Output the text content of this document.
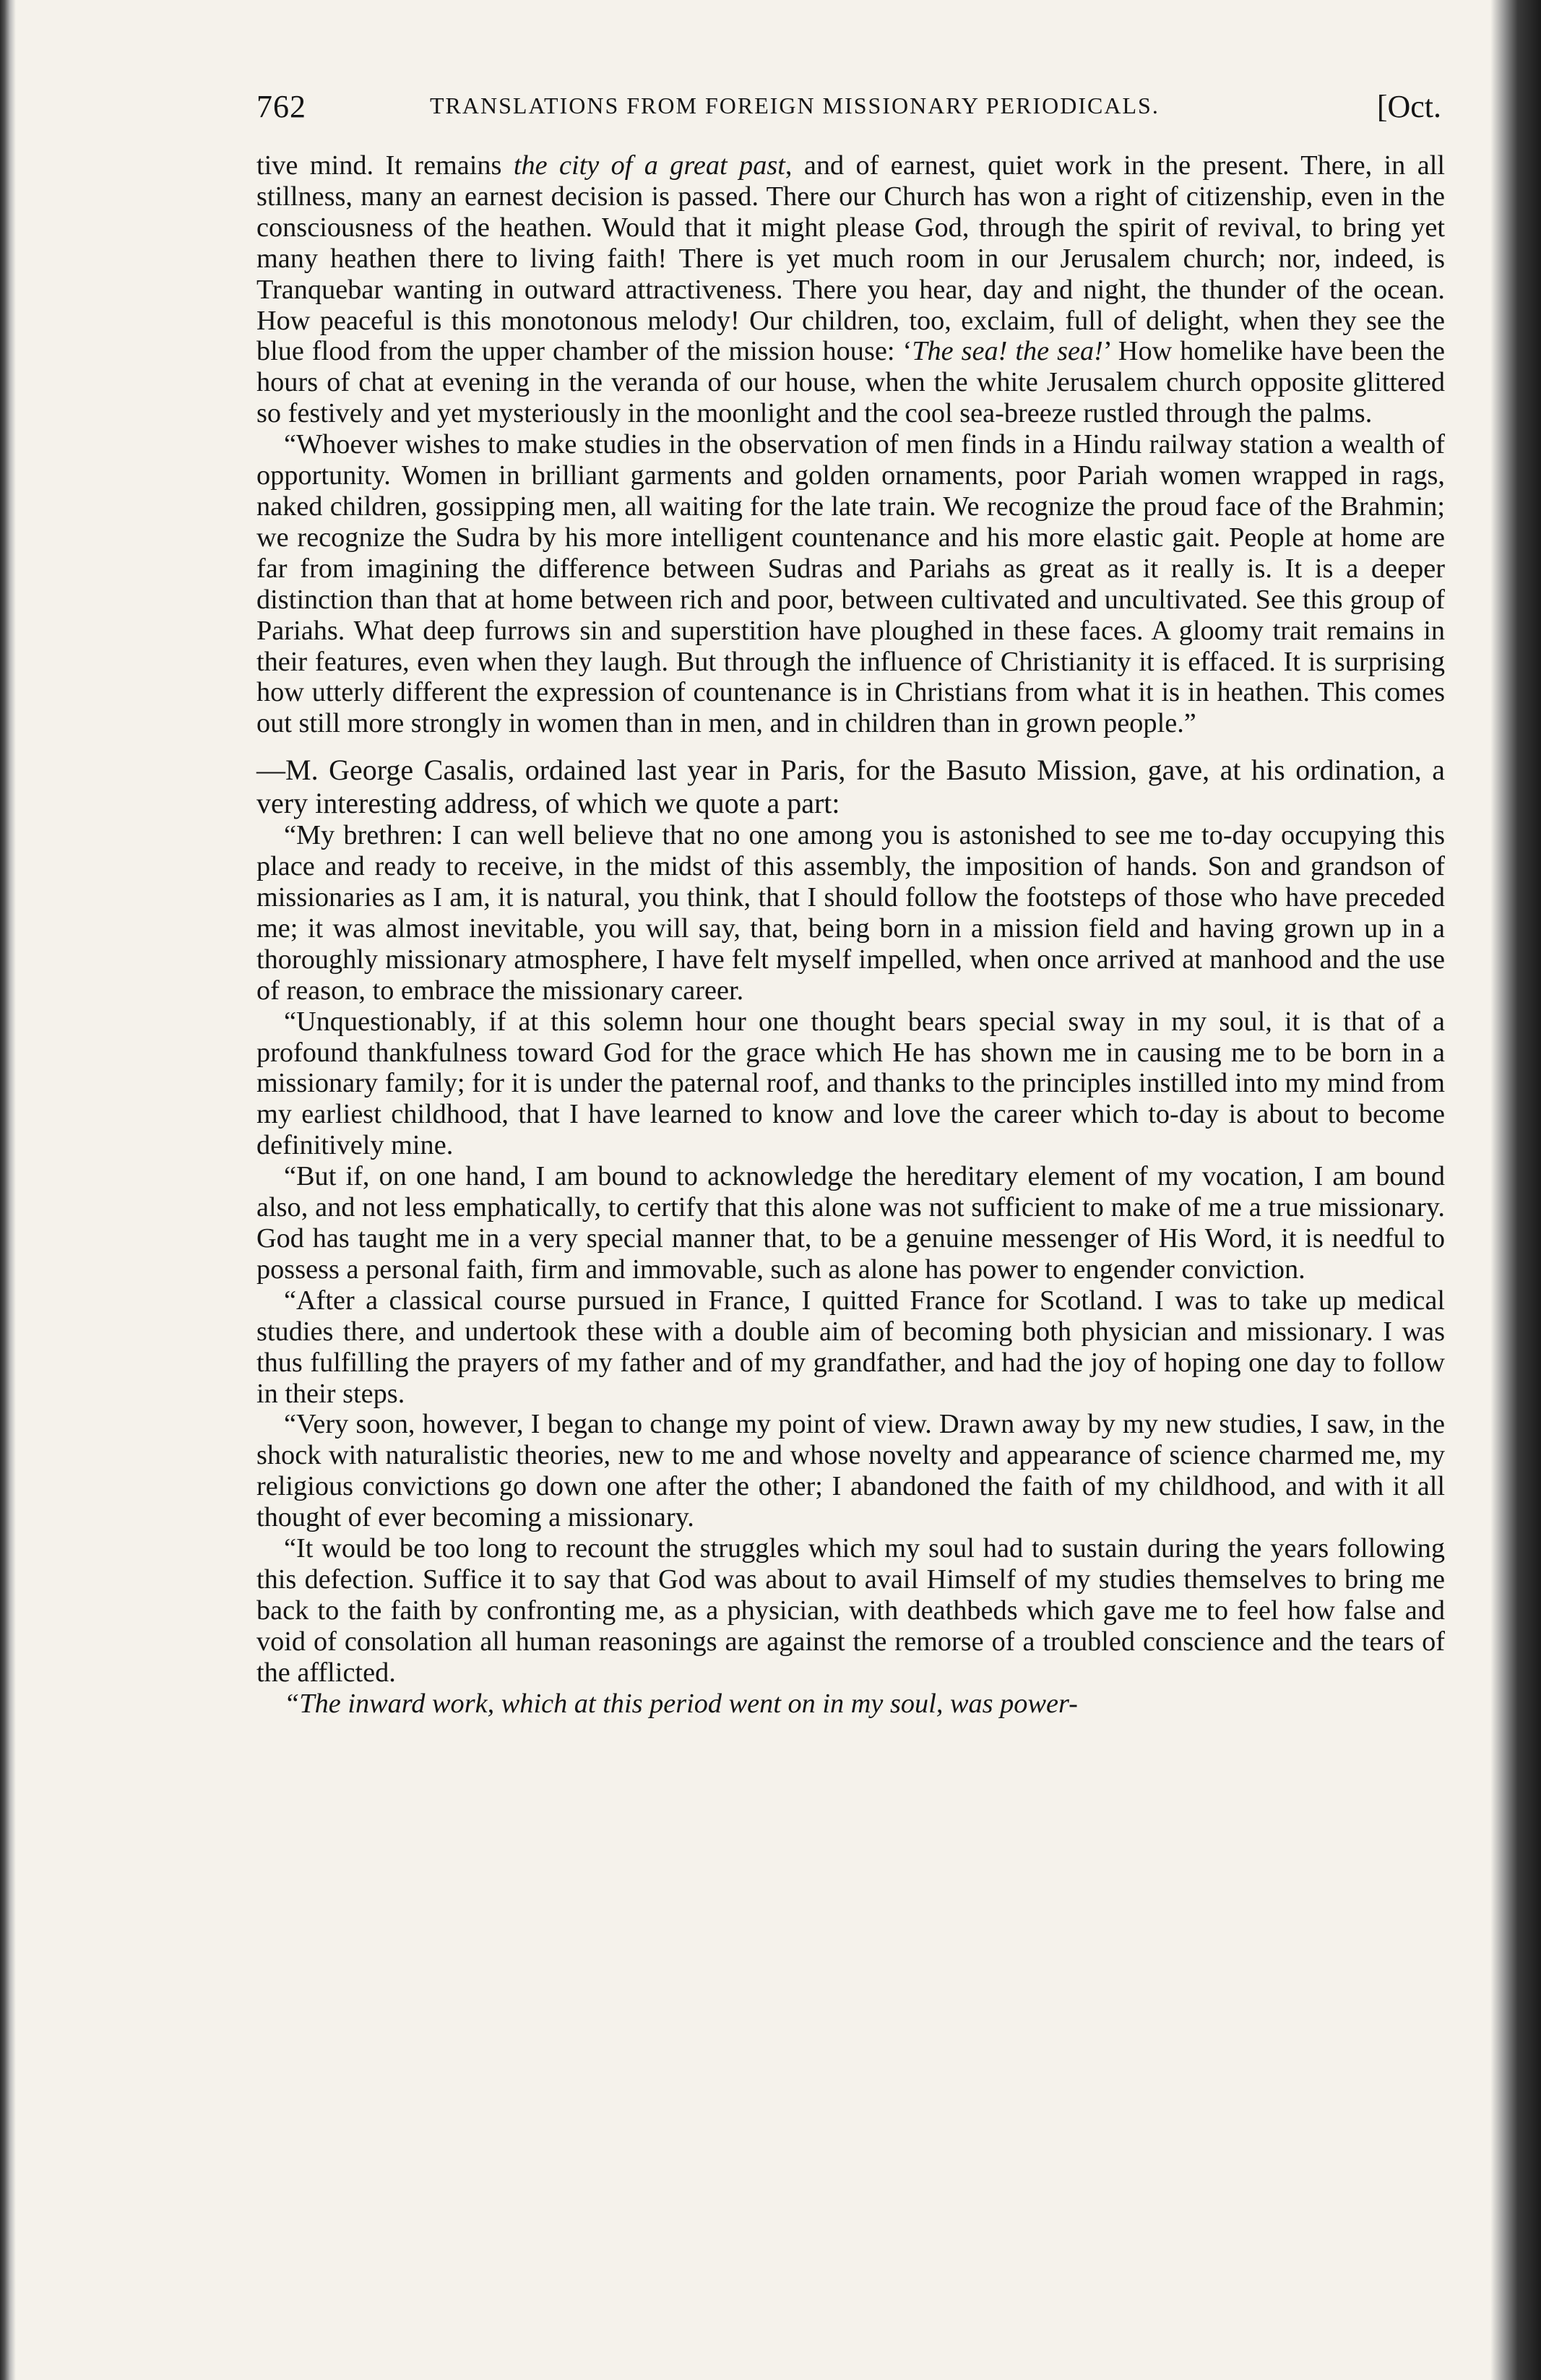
762	TRANSLATIONS FROM FOREIGN MISSIONARY PERIODICALS.	[Oct.

tive mind. It remains the city of a great past, and of earnest, quiet work in the present. There, in all stillness, many an earnest decision is passed. There our Church has won a right of citizenship, even in the consciousness of the heathen. Would that it might please God, through the spirit of revival, to bring yet many heathen there to living faith! There is yet much room in our Jerusalem church; nor, indeed, is Tranquebar wanting in outward attractiveness. There you hear, day and night, the thunder of the ocean. How peaceful is this monotonous melody! Our children, too, exclaim, full of delight, when they see the blue flood from the upper chamber of the mission house: ‘The sea! the sea!’ How homelike have been the hours of chat at evening in the veranda of our house, when the white Jerusalem church opposite glittered so festively and yet mysteriously in the moonlight and the cool sea-breeze rustled through the palms.

“Whoever wishes to make studies in the observation of men finds in a Hindu railway station a wealth of opportunity. Women in brilliant garments and golden ornaments, poor Pariah women wrapped in rags, naked children, gossipping men, all waiting for the late train. We recognize the proud face of the Brahmin; we recognize the Sudra by his more intelligent countenance and his more elastic gait. People at home are far from imagining the difference between Sudras and Pariahs as great as it really is. It is a deeper distinction than that at home between rich and poor, between cultivated and uncultivated. See this group of Pariahs. What deep furrows sin and superstition have ploughed in these faces. A gloomy trait remains in their features, even when they laugh. But through the influence of Christianity it is effaced. It is surprising how utterly different the expression of countenance is in Christians from what it is in heathen. This comes out still more strongly in women than in men, and in children than in grown people.”

—M. George Casalis, ordained last year in Paris, for the Basuto Mission, gave, at his ordination, a very interesting address, of which we quote a part:

“My brethren: I can well believe that no one among you is astonished to see me to-day occupying this place and ready to receive, in the midst of this assembly, the imposition of hands. Son and grandson of missionaries as I am, it is natural, you think, that I should follow the footsteps of those who have preceded me; it was almost inevitable, you will say, that, being born in a mission field and having grown up in a thoroughly missionary atmosphere, I have felt myself impelled, when once arrived at manhood and the use of reason, to embrace the missionary career.

“Unquestionably, if at this solemn hour one thought bears special sway in my soul, it is that of a profound thankfulness toward God for the grace which He has shown me in causing me to be born in a missionary family; for it is under the paternal roof, and thanks to the principles instilled into my mind from my earliest childhood, that I have learned to know and love the career which to-day is about to become definitively mine.

“But if, on one hand, I am bound to acknowledge the hereditary element of my vocation, I am bound also, and not less emphatically, to certify that this alone was not sufficient to make of me a true missionary. God has taught me in a very special manner that, to be a genuine messenger of His Word, it is needful to possess a personal faith, firm and immovable, such as alone has power to engender conviction.

“After a classical course pursued in France, I quitted France for Scotland. I was to take up medical studies there, and undertook these with a double aim of becoming both physician and missionary. I was thus fulfilling the prayers of my father and of my grandfather, and had the joy of hoping one day to follow in their steps.

“Very soon, however, I began to change my point of view. Drawn away by my new studies, I saw, in the shock with naturalistic theories, new to me and whose novelty and appearance of science charmed me, my religious convictions go down one after the other; I abandoned the faith of my childhood, and with it all thought of ever becoming a missionary.

“It would be too long to recount the struggles which my soul had to sustain during the years following this defection. Suffice it to say that God was about to avail Himself of my studies themselves to bring me back to the faith by confronting me, as a physician, with deathbeds which gave me to feel how false and void of consolation all human reasonings are against the remorse of a troubled conscience and the tears of the afflicted.

“The inward work, which at this period went on in my soul, was power-
